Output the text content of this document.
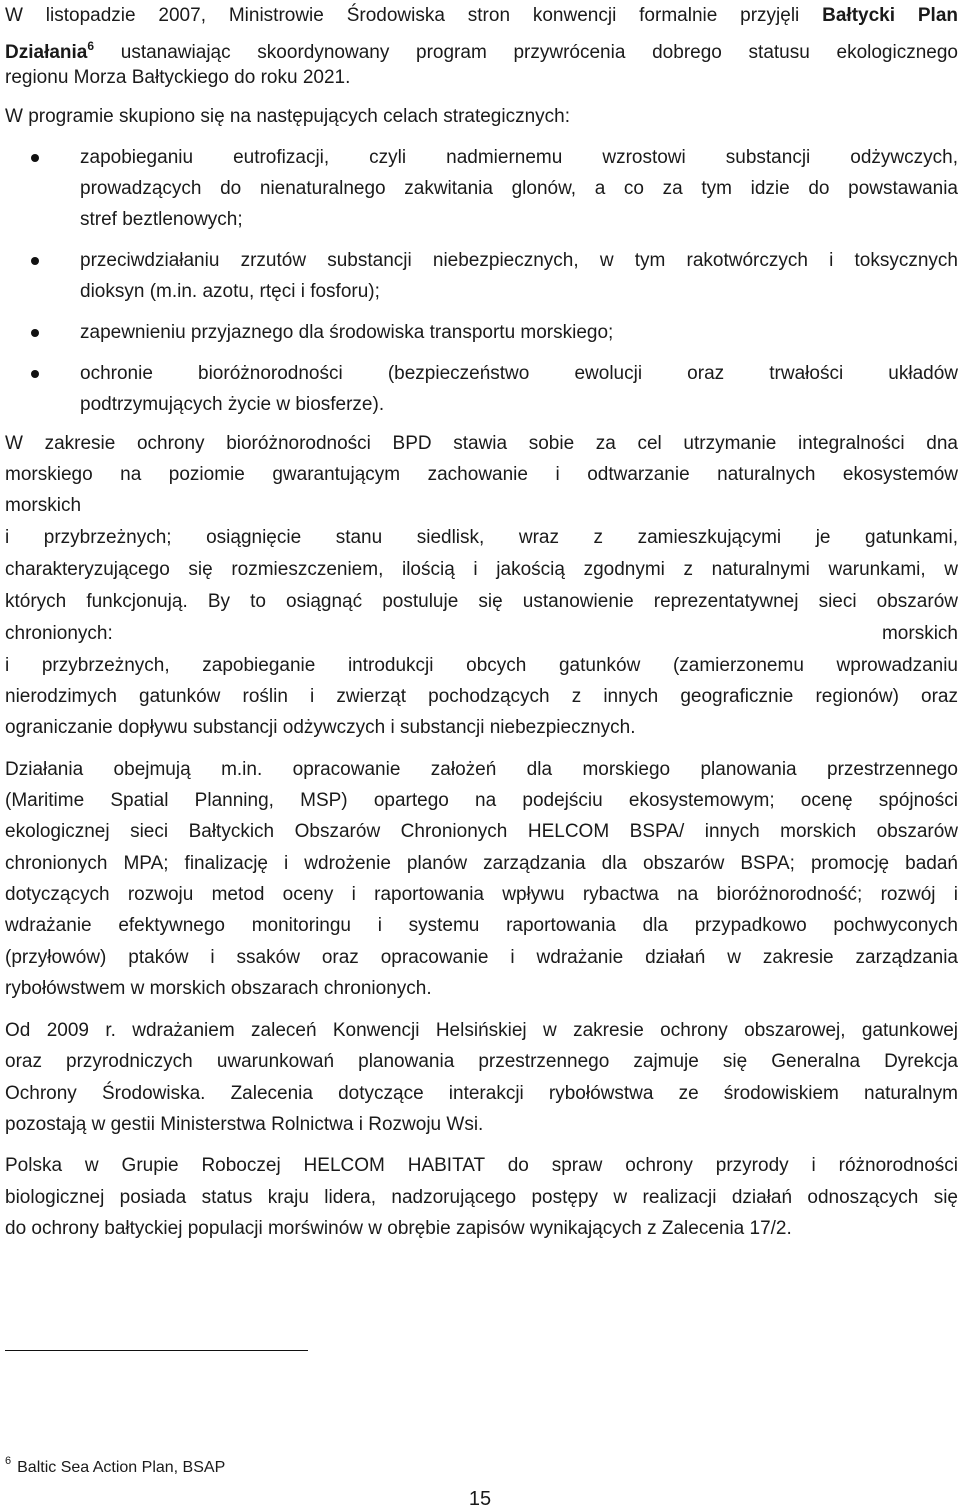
W listopadzie 2007, Ministrowie Środowiska stron konwencji formalnie przyjęli Bałtycki Plan
Działania$^6$ ustanawiając skoordynowany program przywrócenia dobrego statusu ekologicznego
regionu Morza Bałtyckiego do roku 2021.
W programie skupiono się na następujących celach strategicznych:
zapobieganiu eutrofizacji, czyli nadmiernemu wzrostowi substancji odżywczych,
prowadzących do nienaturalnego zakwitania glonów, a co za tym idzie do powstawania
stref beztlenowych;
przeciwdziałaniu zrzutów substancji niebezpiecznych, w tym rakotwórczych i toksycznych
dioksyn (m.in. azotu, rtęci i fosforu);
zapewnieniu przyjaznego dla środowiska transportu morskiego;
ochronie bioróżnorodności (bezpieczeństwo ewolucji oraz trwałości układów
podtrzymujących życie w biosferze).
W zakresie ochrony bioróżnorodności BPD stawia sobie za cel utrzymanie integralności dna
morskiego na poziomie gwarantującym zachowanie i odtwarzanie naturalnych ekosystemów
morskich
i przybrzeżnych; osiągnięcie stanu siedlisk, wraz z zamieszkującymi je gatunkami,
charakteryzującego się rozmieszczeniem, ilością i jakością zgodnymi z naturalnymi warunkami, w
których funkcjonują. By to osiągnąć postuluje się ustanowienie reprezentatywnej sieci obszarów
chronionych: morskich
i przybrzeżnych, zapobieganie introdukcji obcych gatunków (zamierzonemu wprowadzaniu
nierodzimych gatunków roślin i zwierząt pochodzących z innych geograficznie regionów) oraz
ograniczanie dopływu substancji odżywczych i substancji niebezpiecznych.
Działania obejmują m.in. opracowanie założeń dla morskiego planowania przestrzennego
(Maritime Spatial Planning, MSP) opartego na podejściu ekosystemowym; ocenę spójności
ekologicznej sieci Bałtyckich Obszarów Chronionych HELCOM BSPA/ innych morskich obszarów
chronionych MPA; finalizację i wdrożenie planów zarządzania dla obszarów BSPA; promocję badań
dotyczących rozwoju metod oceny i raportowania wpływu rybactwa na bioróżnorodność; rozwój i
wdrażanie efektywnego monitoringu i systemu raportowania dla przypadkowo pochwyconych
(przyłowów) ptaków i ssaków oraz opracowanie i wdrażanie działań w zakresie zarządzania
rybołówstwem w morskich obszarach chronionych.
Od 2009 r. wdrażaniem zaleceń Konwencji Helsińskiej w zakresie ochrony obszarowej, gatunkowej
oraz przyrodniczych uwarunkowań planowania przestrzennego zajmuje się Generalna Dyrekcja
Ochrony Środowiska. Zalecenia dotyczące interakcji rybołówstwa ze środowiskiem naturalnym
pozostają w gestii Ministerstwa Rolnictwa i Rozwoju Wsi.
Polska w Grupie Roboczej HELCOM HABITAT do spraw ochrony przyrody i różnorodności
biologicznej posiada status kraju lidera, nadzorującego postępy w realizacji działań odnoszących się
do ochrony bałtyckiej populacji morświnów w obrębie zapisów wynikających z Zalecenia 17/2.
$^6$ Baltic Sea Action Plan, BSAP
15
